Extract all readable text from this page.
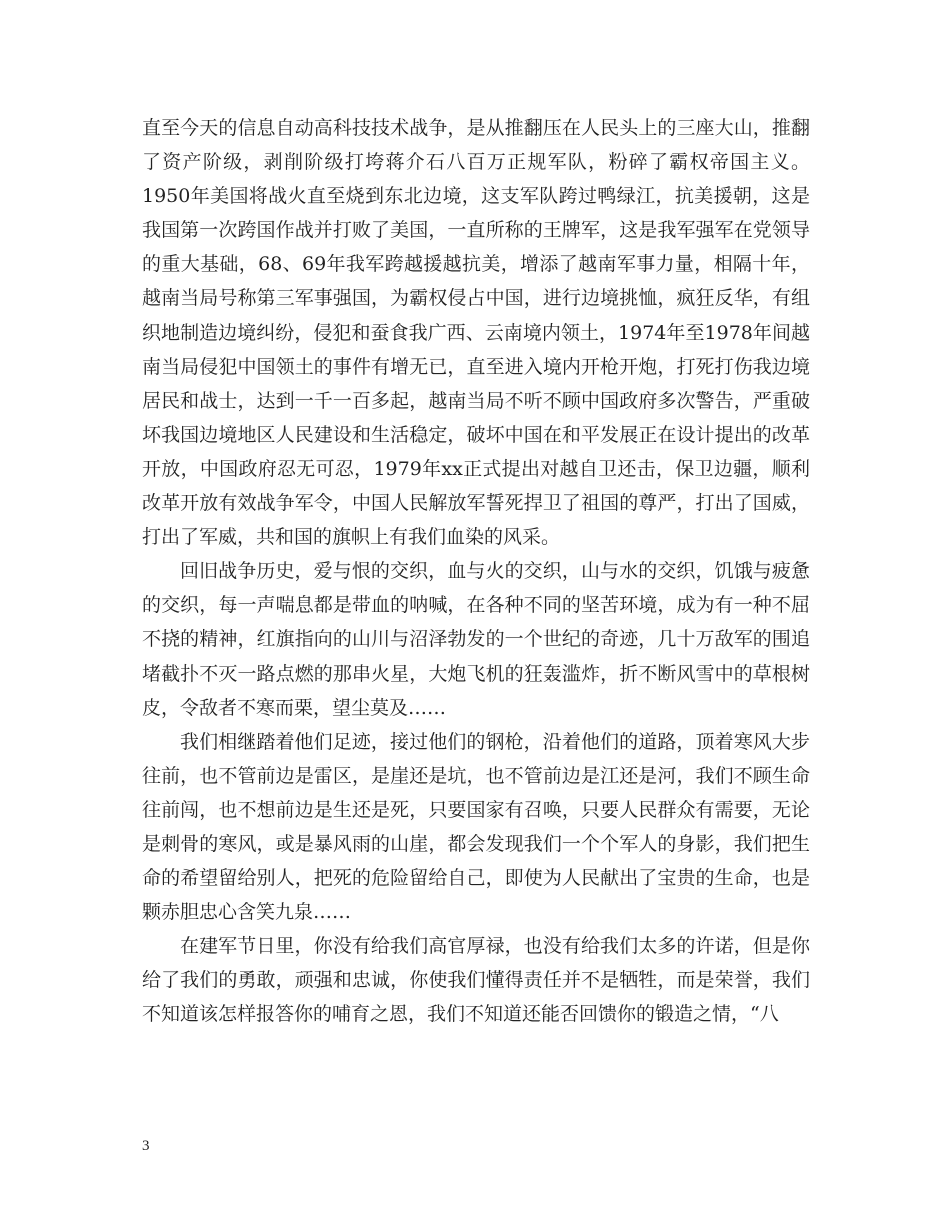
直至今天的信息自动高科技技术战争，是从推翻压在人民头上的三座大山，推翻了资产阶级，剥削阶级打垮蒋介石八百万正规军队，粉碎了霸权帝国主义。1950年美国将战火直至烧到东北边境，这支军队跨过鸭绿江，抗美援朝，这是我国第一次跨国作战并打败了美国，一直所称的王牌军，这是我军强军在党领导的重大基础，68、69年我军跨越援越抗美，增添了越南军事力量，相隔十年，越南当局号称第三军事强国，为霸权侵占中国，进行边境挑恤，疯狂反华，有组织地制造边境纠纷，侵犯和蚕食我广西、云南境内领土，1974年至1978年间越南当局侵犯中国领土的事件有增无已，直至进入境内开枪开炮，打死打伤我边境居民和战士，达到一千一百多起，越南当局不听不顾中国政府多次警告，严重破坏我国边境地区人民建设和生活稳定，破坏中国在和平发展正在设计提出的改革开放，中国政府忍无可忍，1979年xx正式提出对越自卫还击，保卫边疆，顺利改革开放有效战争军令，中国人民解放军誓死捍卫了祖国的尊严，打出了国威，打出了军威，共和国的旗帜上有我们血染的风采。

回旧战争历史，爱与恨的交织，血与火的交织，山与水的交织，饥饿与疲惫的交织，每一声喘息都是带血的呐喊，在各种不同的坚苦环境，成为有一种不屈不挠的精神，红旗指向的山川与沼泽勃发的一个世纪的奇迹，几十万敌军的围追堵截扑不灭一路点燃的那串火星，大炮飞机的狂轰滥炸，折不断风雪中的草根树皮，令敌者不寒而栗，望尘莫及……

我们相继踏着他们足迹，接过他们的钢枪，沿着他们的道路，顶着寒风大步往前，也不管前边是雷区，是崖还是坑，也不管前边是江还是河，我们不顾生命往前闯，也不想前边是生还是死，只要国家有召唤，只要人民群众有需要，无论是刺骨的寒风，或是暴风雨的山崖，都会发现我们一个个军人的身影，我们把生命的希望留给别人，把死的危险留给自己，即使为人民献出了宝贵的生命，也是颗赤胆忠心含笑九泉……

在建军节日里，你没有给我们高官厚禄，也没有给我们太多的许诺，但是你给了我们的勇敢，顽强和忠诚，你使我们懂得责任并不是牺牲，而是荣誉，我们不知道该怎样报答你的哺育之恩，我们不知道还能否回馈你的锻造之情，“八

3
